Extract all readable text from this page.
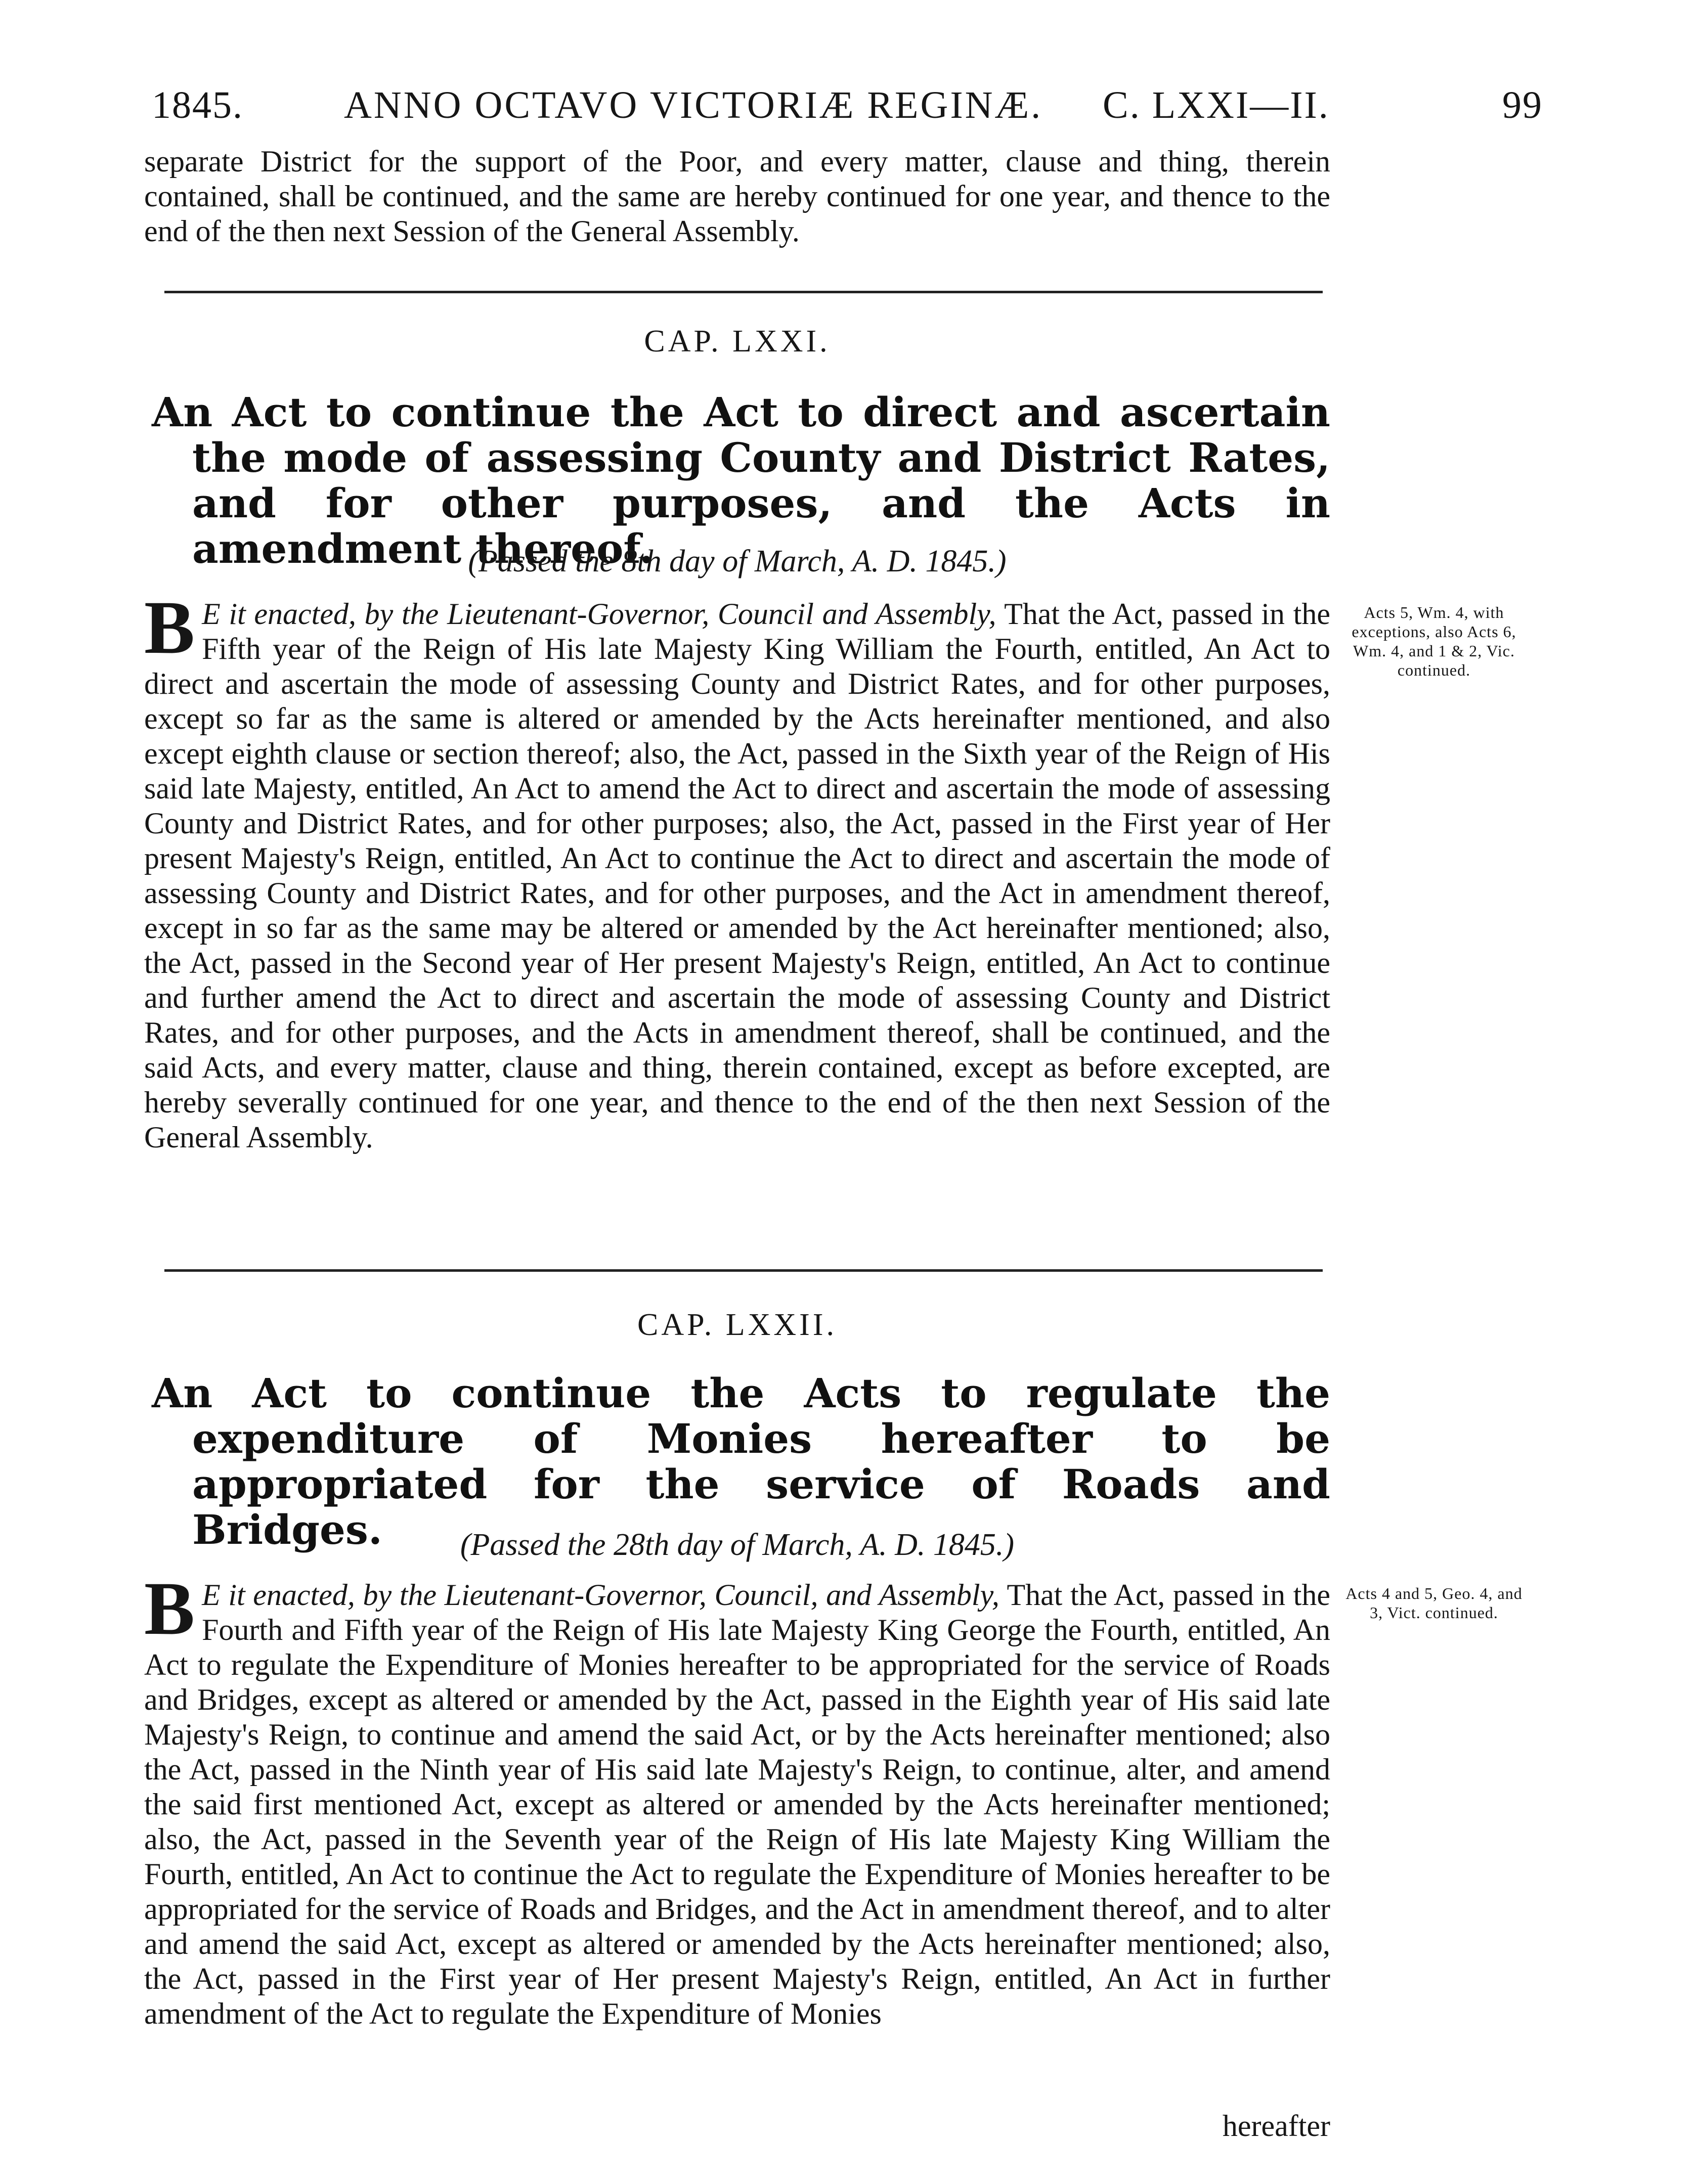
1845.	ANNO OCTAVO VICTORIÆ REGINÆ. C. LXXI—II.	99

separate District for the support of the Poor, and every matter, clause and thing, therein contained, shall be continued, and the same are hereby continued for one year, and thence to the end of the then next Session of the General Assembly.

CAP. LXXI.

An Act to continue the Act to direct and ascertain the mode of assessing County and District Rates, and for other purposes, and the Acts in amendment thereof.

(Passed the 8th day of March, A. D. 1845.)
B E it enacted, by the Lieutenant-Governor, Council and Assembly, That the Act, passed in the Fifth year of the Reign of His late Majesty King William the Fourth, entitled, An Act to direct and ascertain the mode of assessing County and District Rates, and for other purposes, except so far as the same is altered or amended by the Acts hereinafter mentioned, and also except eighth clause or section thereof; also, the Act, passed in the Sixth year of the Reign of His said late Majesty, entitled, An Act to amend the Act to direct and ascertain the mode of assessing County and District Rates, and for other purposes; also, the Act, passed in the First year of Her present Majesty's Reign, entitled, An Act to continue the Act to direct and ascertain the mode of assessing County and District Rates, and for other purposes, and the Act in amendment thereof, except in so far as the same may be altered or amended by the Act hereinafter mentioned; also, the Act, passed in the Second year of Her present Majesty's Reign, entitled, An Act to continue and further amend the Act to direct and ascertain the mode of assessing County and District Rates, and for other purposes, and the Acts in amendment thereof, shall be continued, and the said Acts, and every matter, clause and thing, therein contained, except as before excepted, are hereby severally continued for one year, and thence to the end of the then next Session of the General Assembly.
Acts 5, Wm. 4, with exceptions, also Acts 6, Wm. 4, and 1 & 2, Vic. continued.
CAP. LXXII.

An Act to continue the Acts to regulate the expenditure of Monies hereafter to be appropriated for the service of Roads and Bridges.	(Passed the 28th day of March, A. D. 1845.)
B E it enacted, by the Lieutenant-Governor, Council, and Assembly, That the Act, passed in the Fourth and Fifth year of the Reign of His late Majesty King George the Fourth, entitled, An Act to regulate the Expenditure of Monies hereafter to be appropriated for the service of Roads and Bridges, except as altered or amended by the Act, passed in the Eighth year of His said late Majesty's Reign, to continue and amend the said Act, or by the Acts hereinafter mentioned; also the Act, passed in the Ninth year of His said late Majesty's Reign, to continue, alter, and amend the said first mentioned Act, except as altered or amended by the Acts hereinafter mentioned; also, the Act, passed in the Seventh year of the Reign of His late Majesty King William the Fourth, entitled, An Act to continue the Act to regulate the Expenditure of Monies hereafter to be appropriated for the service of Roads and Bridges, and the Act in amendment thereof, and to alter and amend the said Act, except as altered or amended by the Acts hereinafter mentioned; also, the Act, passed in the First year of Her present Majesty's Reign, entitled, An Act in further amendment of the Act to regulate the Expenditure of Monies
hereafter
Acts 4 and 5, Geo. 4, and 3, Vict. continued.
